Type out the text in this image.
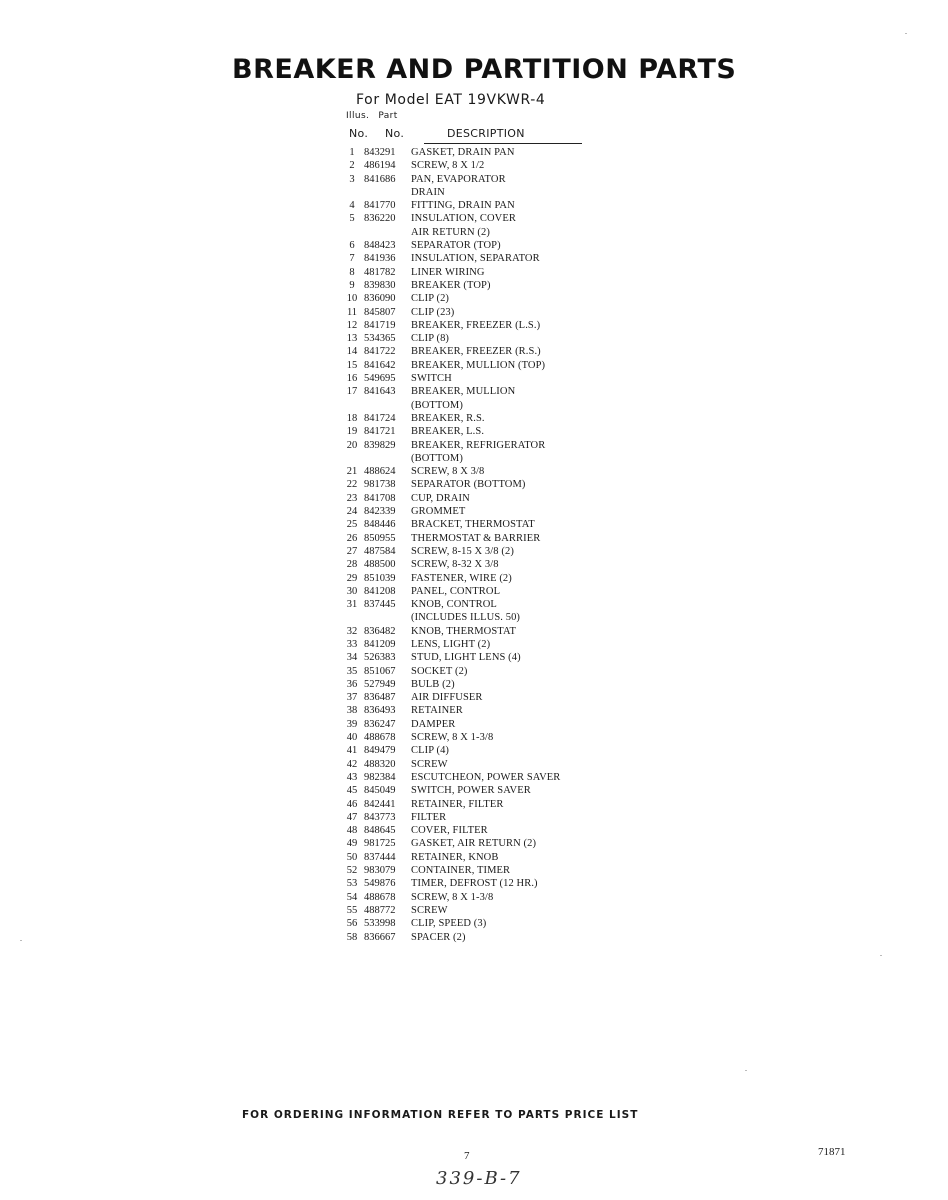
BREAKER AND PARTITION PARTS
For Model EAT 19VKWR-4
Illus. Part
No. No.	DESCRIPTION
1 843291	GASKET, DRAIN PAN
2 486194	SCREW, 8 X 1/2
3 841686	PAN, EVAPORATOR
DRAIN
4 841770	FITTING, DRAIN PAN
5 836220	INSULATION, COVER
AIR RETURN (2)
6 848423	SEPARATOR (TOP)
7 841936	INSULATION, SEPARATOR
8 481782	LINER WIRING
9 839830	BREAKER (TOP)
10 836090	CLIP (2)
11 845807	CLIP (23)
12 841719	BREAKER, FREEZER (L.S.)
13 534365	CLIP (8)
14 841722	BREAKER, FREEZER (R.S.)
15 841642	BREAKER, MULLION (TOP)
16 549695	SWITCH
17 841643	BREAKER, MULLION
(BOTTOM)
18 841724	BREAKER, R.S.
19 841721	BREAKER, L.S.
20 839829	BREAKER, REFRIGERATOR
(BOTTOM)
21 488624	SCREW, 8 X 3/8
22 981738	SEPARATOR (BOTTOM)
23 841708	CUP, DRAIN
24 842339	GROMMET
25 848446	BRACKET, THERMOSTAT
26 850955	THERMOSTAT & BARRIER
27 487584	SCREW, 8-15 X 3/8 (2)
28 488500	SCREW, 8-32 X 3/8
29 851039	FASTENER, WIRE (2)
30 841208	PANEL, CONTROL
31 837445	KNOB, CONTROL
(INCLUDES ILLUS. 50)
32 836482	KNOB, THERMOSTAT
33 841209	LENS, LIGHT (2)
34 526383	STUD, LIGHT LENS (4)
35 851067	SOCKET (2)
36 527949	BULB (2)
37 836487	AIR DIFFUSER
38 836493	RETAINER
39 836247	DAMPER
40 488678	SCREW, 8 X 1-3/8
41 849479	CLIP (4)
42 488320	SCREW
43 982384	ESCUTCHEON, POWER SAVER
45 845049	SWITCH, POWER SAVER
46 842441	RETAINER, FILTER
47 843773	FILTER
48 848645	COVER, FILTER
49 981725	GASKET, AIR RETURN (2)
50 837444	RETAINER, KNOB
52 983079	CONTAINER, TIMER
53 549876	TIMER, DEFROST (12 HR.)
54 488678	SCREW, 8 X 1-3/8
55 488772	SCREW
56 533998	CLIP, SPEED (3)
58 836667	SPACER (2)
FOR ORDERING INFORMATION REFER TO PARTS PRICE LIST
7	71871
339-B-7
